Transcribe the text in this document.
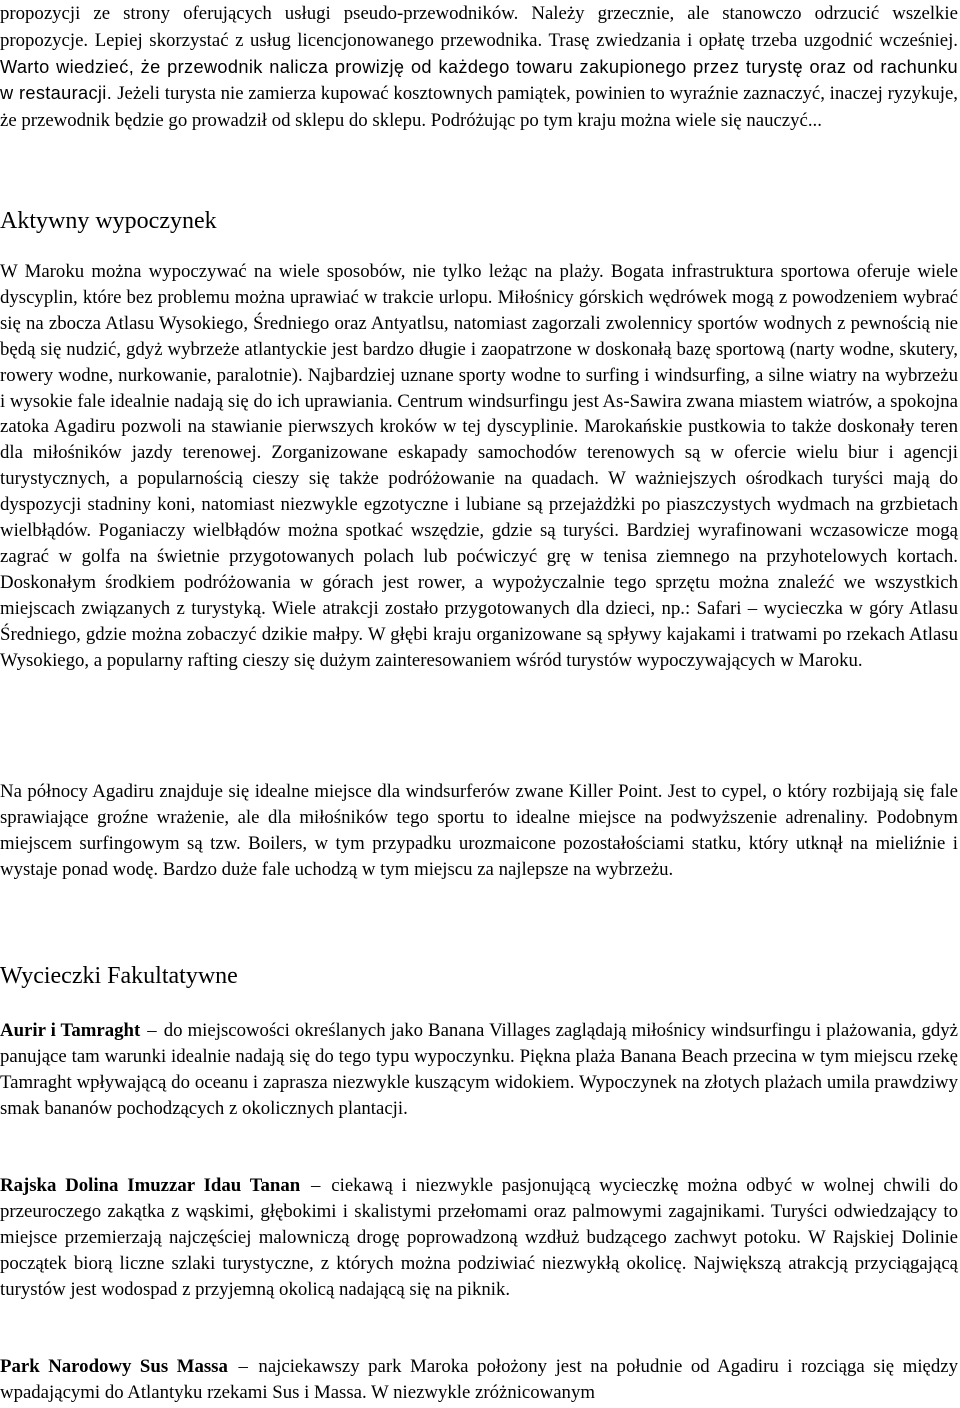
propozycji ze strony oferujących usługi pseudo-przewodników. Należy grzecznie, ale stanowczo odrzucić wszelkie propozycje. Lepiej skorzystać z usług licencjonowanego przewodnika. Trasę zwiedzania i opłatę trzeba uzgodnić wcześniej. Warto wiedzieć, że przewodnik nalicza prowizję od każdego towaru zakupionego przez turystę oraz od rachunku w restauracji. Jeżeli turysta nie zamierza kupować kosztownych pamiątek, powinien to wyraźnie zaznaczyć, inaczej ryzykuje, że przewodnik będzie go prowadził od sklepu do sklepu. Podróżując po tym kraju można wiele się nauczyć...

Aktywny wypoczynek

W Maroku można wypoczywać na wiele sposobów, nie tylko leżąc na plaży. Bogata infrastruktura sportowa oferuje wiele dyscyplin, które bez problemu można uprawiać w trakcie urlopu. Miłośnicy górskich wędrówek mogą z powodzeniem wybrać się na zbocza Atlasu Wysokiego, Średniego oraz Antyatlsu, natomiast zagorzali zwolennicy sportów wodnych z pewnością nie będą się nudzić, gdyż wybrzeże atlantyckie jest bardzo długie i zaopatrzone w doskonałą bazę sportową (narty wodne, skutery, rowery wodne, nurkowanie, paralotnie). Najbardziej uznane sporty wodne to surfing i windsurfing, a silne wiatry na wybrzeżu i wysokie fale idealnie nadają się do ich uprawiania. Centrum windsurfingu jest As-Sawira zwana miastem wiatrów, a spokojna zatoka Agadiru pozwoli na stawianie pierwszych kroków w tej dyscyplinie. Marokańskie pustkowia to także doskonały teren dla miłośników jazdy terenowej. Zorganizowane eskapady samochodów terenowych są w ofercie wielu biur i agencji turystycznych, a popularnością cieszy się także podróżowanie na quadach. W ważniejszych ośrodkach turyści mają do dyspozycji stadniny koni, natomiast niezwykle egzotyczne i lubiane są przejażdżki po piaszczystych wydmach na grzbietach wielbłądów. Poganiaczy wielbłądów można spotkać wszędzie, gdzie są turyści. Bardziej wyrafinowani wczasowicze mogą zagrać w golfa na świetnie przygotowanych polach lub poćwiczyć grę w tenisa ziemnego na przyhotelowych kortach. Doskonałym środkiem podróżowania w górach jest rower, a wypożyczalnie tego sprzętu można znaleźć we wszystkich miejscach związanych z turystyką. Wiele atrakcji zostało przygotowanych dla dzieci, np.: Safari – wycieczka w góry Atlasu Średniego, gdzie można zobaczyć dzikie małpy. W głębi kraju organizowane są spływy kajakami i tratwami po rzekach Atlasu Wysokiego, a popularny rafting cieszy się dużym zainteresowaniem wśród turystów wypoczywających w Maroku.

Na północy Agadiru znajduje się idealne miejsce dla windsurferów zwane Killer Point. Jest to cypel, o który rozbijają się fale sprawiające groźne wrażenie, ale dla miłośników tego sportu to idealne miejsce na podwyższenie adrenaliny. Podobnym miejscem surfingowym są tzw. Boilers, w tym przypadku urozmaicone pozostałościami statku, który utknął na mieliźnie i wystaje ponad wodę. Bardzo duże fale uchodzą w tym miejscu za najlepsze na wybrzeżu.

Wycieczki Fakultatywne

Aurir i Tamraght – do miejscowości określanych jako Banana Villages zaglądają miłośnicy windsurfingu i plażowania, gdyż panujące tam warunki idealnie nadają się do tego typu wypoczynku. Piękna plaża Banana Beach przecina w tym miejscu rzekę Tamraght wpływającą do oceanu i zaprasza niezwykle kuszącym widokiem. Wypoczynek na złotych plażach umila prawdziwy smak bananów pochodzących z okolicznych plantacji.

Rajska Dolina Imuzzar Idau Tanan – ciekawą i niezwykle pasjonującą wycieczkę można odbyć w wolnej chwili do przeuroczego zakątka z wąskimi, głębokimi i skalistymi przełomami oraz palmowymi zagajnikami. Turyści odwiedzający to miejsce przemierzają najczęściej malowniczą drogę poprowadzoną wzdłuż budzącego zachwyt potoku. W Rajskiej Dolinie początek biorą liczne szlaki turystyczne, z których można podziwiać niezwykłą okolicę. Największą atrakcją przyciągającą turystów jest wodospad z przyjemną okolicą nadającą się na piknik.

Park Narodowy Sus Massa – najciekawszy park Maroka położony jest na południe od Agadiru i rozciąga się między wpadającymi do Atlantyku rzekami Sus i Massa. W niezwykle zróżnicowanym
